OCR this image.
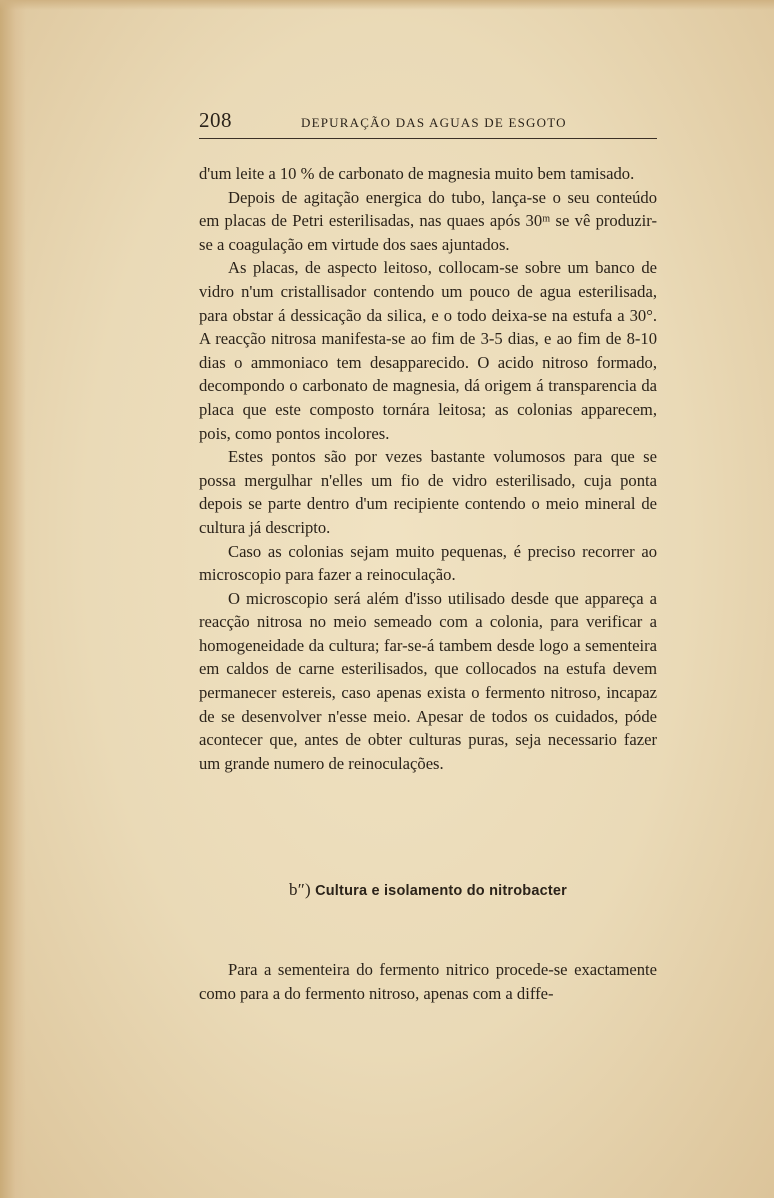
208	DEPURAÇÃO DAS AGUAS DE ESGOTO

d'um leite a 10 % de carbonato de magnesia muito bem tamisado.

Depois de agitação energica do tubo, lança-se o seu conteúdo em placas de Petri esterilisadas, nas quaes após 30ᵐ se vê produzir-se a coagulação em virtude dos saes ajuntados.

As placas, de aspecto leitoso, collocam-se sobre um banco de vidro n'um cristallisador contendo um pouco de agua esterilisada, para obstar á dessicação da silica, e o todo deixa-se na estufa a 30°. A reacção nitrosa manifesta-se ao fim de 3-5 dias, e ao fim de 8-10 dias o ammoniaco tem desapparecido. O acido nitroso formado, decompondo o carbonato de magnesia, dá origem á transparencia da placa que este composto tornára leitosa; as colonias apparecem, pois, como pontos incolores.

Estes pontos são por vezes bastante volumosos para que se possa mergulhar n'elles um fio de vidro esterilisado, cuja ponta depois se parte dentro d'um recipiente contendo o meio mineral de cultura já descripto.

Caso as colonias sejam muito pequenas, é preciso recorrer ao microscopio para fazer a reinoculação.

O microscopio será além d'isso utilisado desde que appareça a reacção nitrosa no meio semeado com a colonia, para verificar a homogeneidade da cultura; far-se-á tambem desde logo a sementeira em caldos de carne esterilisados, que collocados na estufa devem permanecer estereis, caso apenas exista o fermento nitroso, incapaz de se desenvolver n'esse meio. Apesar de todos os cuidados, póde acontecer que, antes de obter culturas puras, seja necessario fazer um grande numero de reinoculações.

b″) Cultura e isolamento do nitrobacter

Para a sementeira do fermento nitrico procede-se exactamente como para a do fermento nitroso, apenas com a diffe-
